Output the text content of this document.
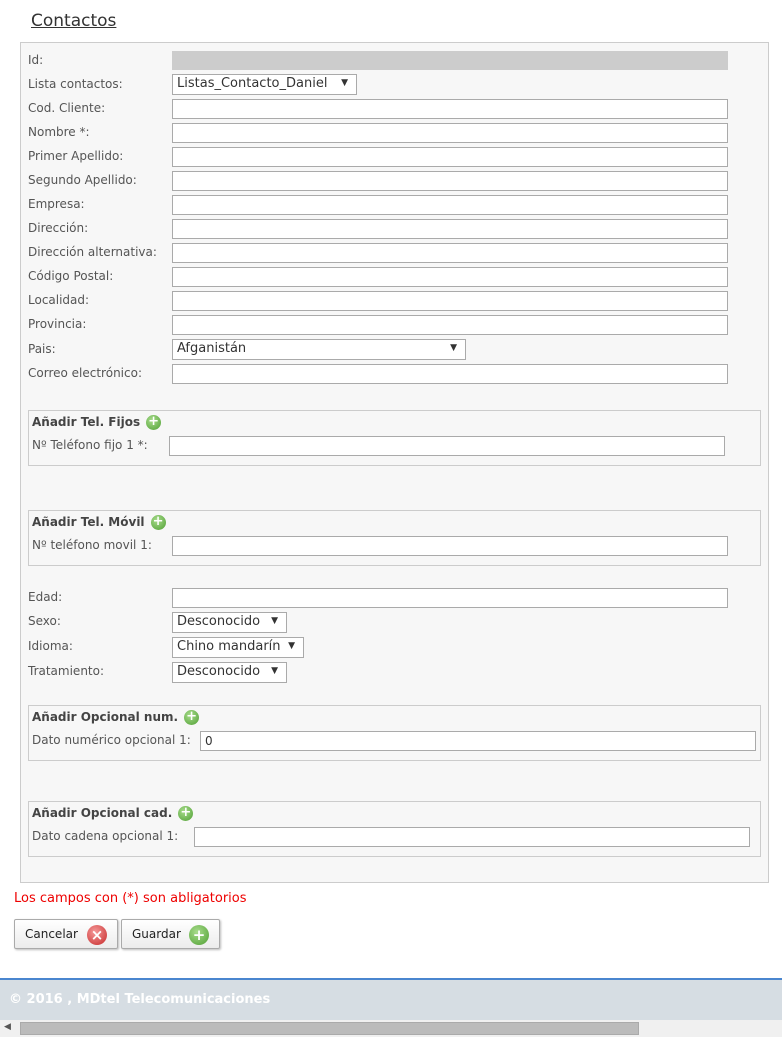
Contactos
Id:
Lista contactos:	Listas_Contacto_Daniel ▼
Cod. Cliente:
Nombre *:
Primer Apellido:
Segundo Apellido:
Empresa:
Dirección:
Dirección alternativa:
Código Postal:
Localidad:
Provincia:
Pais:	Afganistán	▼
Correo electrónico:
Añadir Tel. Fijos +
Nº Teléfono fijo 1 *:
Añadir Tel. Móvil +
Nº teléfono movil 1:
Edad:
Sexo:	Desconocido ▼
Idioma:	Chino mandarín ▼
Tratamiento:	Desconocido ▼
Añadir Opcional num. +
Dato numérico opcional 1:
0
Añadir Opcional cad. +
Dato cadena opcional 1:
Los campos con (*) son abligatorios
Cancelar ×	Guardar +
© 2016 , MDtel Telecomunicaciones
◀
